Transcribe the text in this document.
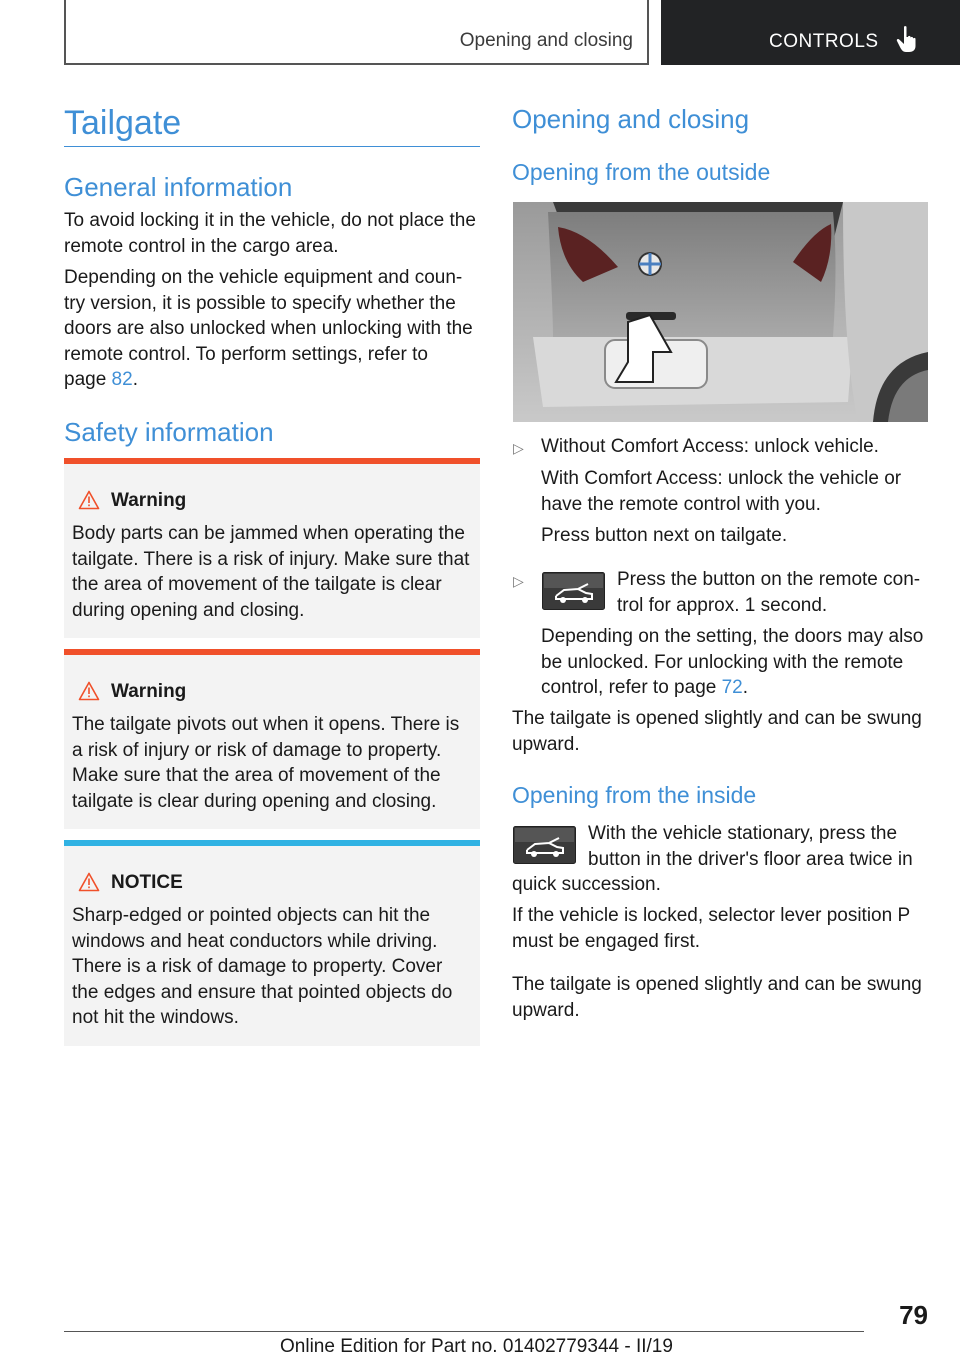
Opening and closing	CONTROLS
Tailgate
General information
To avoid locking it in the vehicle, do not place the
remote control in the cargo area.
Depending on the vehicle equipment and coun-
try version, it is possible to specify whether the
doors are also unlocked when unlocking with the
remote control. To perform settings, refer to
page 82.
Safety information
Warning
Body parts can be jammed when operating the
tailgate. There is a risk of injury. Make sure that
the area of movement of the tailgate is clear
during opening and closing.
Warning
The tailgate pivots out when it opens. There is
a risk of injury or risk of damage to property.
Make sure that the area of movement of the
tailgate is clear during opening and closing.
NOTICE
Sharp-edged or pointed objects can hit the
windows and heat conductors while driving.
There is a risk of damage to property. Cover
the edges and ensure that pointed objects do
not hit the windows.
Opening and closing
Opening from the outside
▷ Without Comfort Access: unlock vehicle.
With Comfort Access: unlock the vehicle or
have the remote control with you.
Press button next on tailgate.
▷	Press the button on the remote con-
trol for approx. 1 second.
Depending on the setting, the doors may also
be unlocked. For unlocking with the remote
control, refer to page 72.
The tailgate is opened slightly and can be swung
upward.
Opening from the inside
With the vehicle stationary, press the
button in the driver's floor area twice in
quick succession.
If the vehicle is locked, selector lever position P
must be engaged first.
The tailgate is opened slightly and can be swung
upward.
79
Online Edition for Part no. 01402779344 - II/19
